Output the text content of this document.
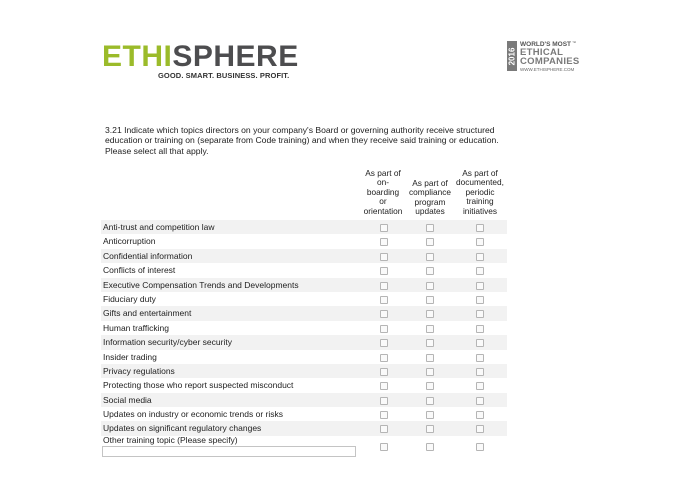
ETHISPHERE
GOOD. SMART. BUSINESS. PROFIT.
2016
WORLD'S MOST
ETHICAL
COMPANIES
WWW.ETHISPHERE.COM
™
3.21 Indicate which topics directors on your company's Board or governing authority receive structured education or training on (separate from Code training) and when they receive said training or education. Please select all that apply.
As part of
on-
boarding
or
orientation
As part of
compliance
program
updates
As part of
documented,
periodic
training
initiatives
Anti-trust and competition law
Anticorruption
Confidential information
Conflicts of interest
Executive Compensation Trends and Developments
Fiduciary duty
Gifts and entertainment
Human trafficking
Information security/cyber security
Insider trading
Privacy regulations
Protecting those who report suspected misconduct
Social media
Updates on industry or economic trends or risks
Updates on significant regulatory changes
Other training topic (Please specify)
